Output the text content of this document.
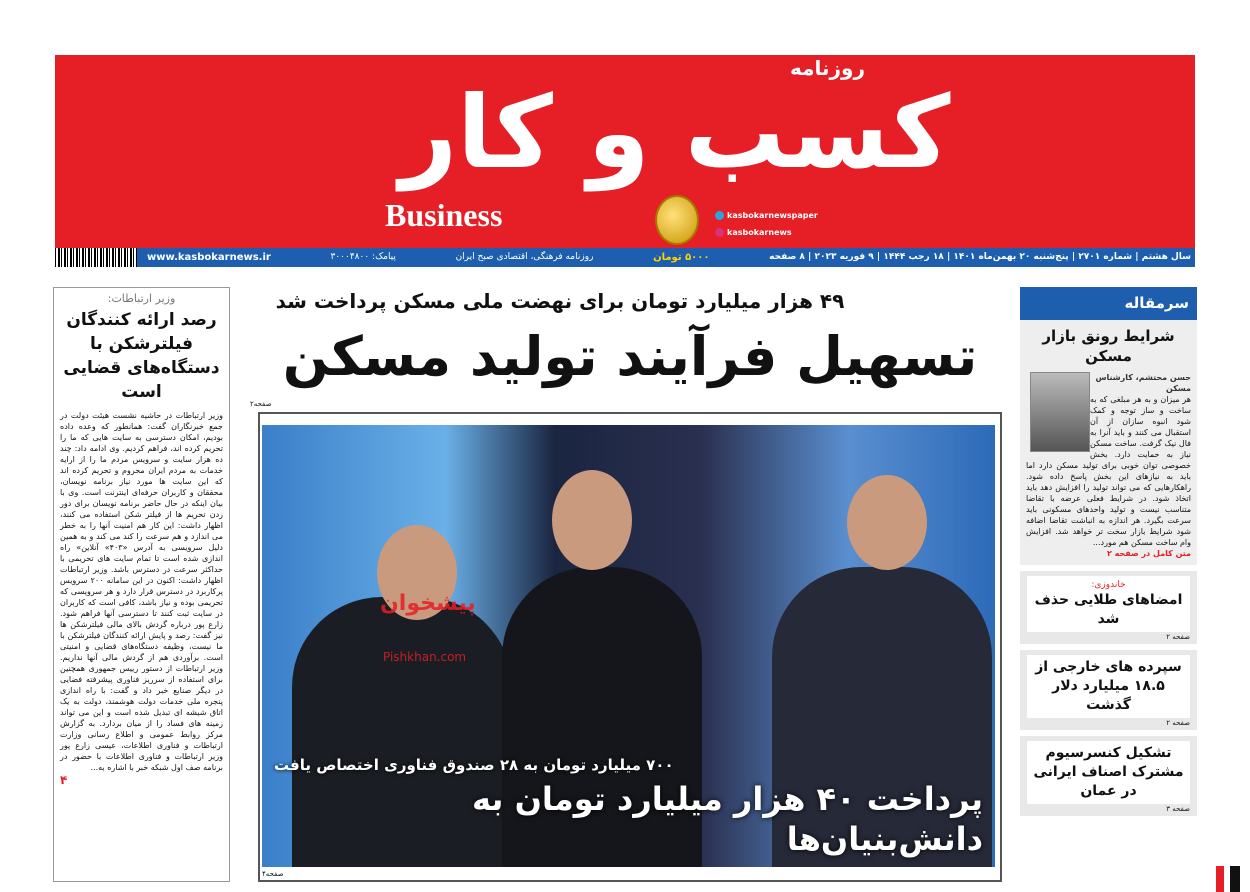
کسب و کار
روزنامه
Business	kasbokarnewspaper
kasbokarnews
سال هشتم | شماره ۲۷۰۱ | پنج‌شنبه ۲۰ بهمن‌ماه ۱۴۰۱ | ۱۸ رجب ۱۴۴۴ | ۹ فوریه ۲۰۲۳ | ۸ صفحه
۵۰۰۰ تومان
روزنامه فرهنگی، اقتصادی صبح ایران
پیامک: ۳۰۰۰۴۸۰۰
www.kasbokarnews.ir
۴۹ هزار میلیارد تومان برای نهضت ملی مسکن پرداخت شد
تسهیل فرآیند تولید مسکن
صفحه۲
۷۰۰ میلیارد تومان به ۲۸ صندوق فناوری اختصاص یافت
پرداخت ۴۰ هزار میلیارد تومان به دانش‌بنیان‌ها
پیشخوان
Pishkhan.com
صفحه۴
وزیر ارتباطات:
رصد ارائه کنندگان فیلترشکن با دستگاه‌های قضایی است

وزیر ارتباطات در حاشیه نشست هیئت دولت در جمع خبرنگاران گفت: همانطور که وعده داده بودیم، امکان دسترسی به سایت هایی که ما را تحریم کرده اند، فراهم کردیم. وی ادامه داد: چند ده هزار سایت و سرویس مردم ما را از ارایه خدمات به مردم ایران محروم و تحریم کرده اند که این سایت ها مورد نیاز برنامه نویسان، محققان و کاربران حرفه‌ای اینترنت است. وی با بیان اینکه در حال حاضر برنامه نویسان برای دور زدن تحریم ها از فیلتر شکن استفاده می کنند، اظهار داشت: این کار هم امنیت آنها را به خطر می اندازد و هم سرعت را کند می کند و به همین دلیل سرویسی به آدرس «۴۰۳» آنلاین» راه اندازی شده است تا تمام سایت های تحریمی با حداکثر سرعت در دسترس باشد. وزیر ارتباطات اظهار داشت: اکنون در این سامانه ۲۰۰ سرویس پرکاربرد در دسترس قرار دارد و هر سرویسی که تحریمی بوده و نیاز باشد، کافی است که کاربران در سایت ثبت کنند تا دسترسی آنها فراهم شود. زارع پور درباره گردش بالای مالی فیلترشکن ها نیز گفت: رصد و پایش ارائه کنندگان فیلترشکن با ما نیست، وظیفه دستگاه‌های قضایی و امنیتی است. برآوردی هم از گردش مالی آنها نداریم. وزیر ارتباطات از دستور رییس جمهوری همچنین برای استفاده از سرریز فناوری پیشرفته فضایی در دیگر صنایع خبر داد و گفت: با راه اندازی پنجره ملی خدمات دولت هوشمند، دولت به یک اتاق شیشه ای تبدیل شده است و این می تواند زمینه های فساد را از میان بردارد. به گزارش مرکز روابط عمومی و اطلاع رسانی وزارت ارتباطات و فناوری اطلاعات، عیسی زارع پور وزیر ارتباطات و فناوری اطلاعات با حضور در برنامه صف اول شبکه خبر با اشاره به...

۴
سرمقاله
شرایط رونق بازار مسکن
حسن محتشم، کارشناس مسکن

هر میزان و به هر مبلغی که به ساخت و ساز توجه و کمک شود انبوه سازان از آن استقبال می کنند و باید آنرا به فال نیک گرفت. ساخت مسکن نیاز به حمایت دارد. بخش خصوصی توان خوبی برای تولید مسکن دارد اما باید به نیازهای این بخش پاسخ داده شود. راهکارهایی که می تواند تولید را افزایش دهد باید اتخاذ شود. در شرایط فعلی عرضه با تقاضا متناسب نیست و تولید واحدهای مسکونی باید سرعت بگیرد. هر اندازه به انباشت تقاضا اضافه شود شرایط بازار سخت تر خواهد شد. افزایش وام ساخت مسکن هم مورد...

متن کامل در صفحه ۲
خاندوزی:
امضاهای طلایی حذف شد
صفحه ۲
سپرده های خارجی از ۱۸.۵ میلیارد دلار گذشت
صفحه ۲
تشکیل کنسرسیوم مشترک اصناف ایرانی در عمان
صفحه ۳
